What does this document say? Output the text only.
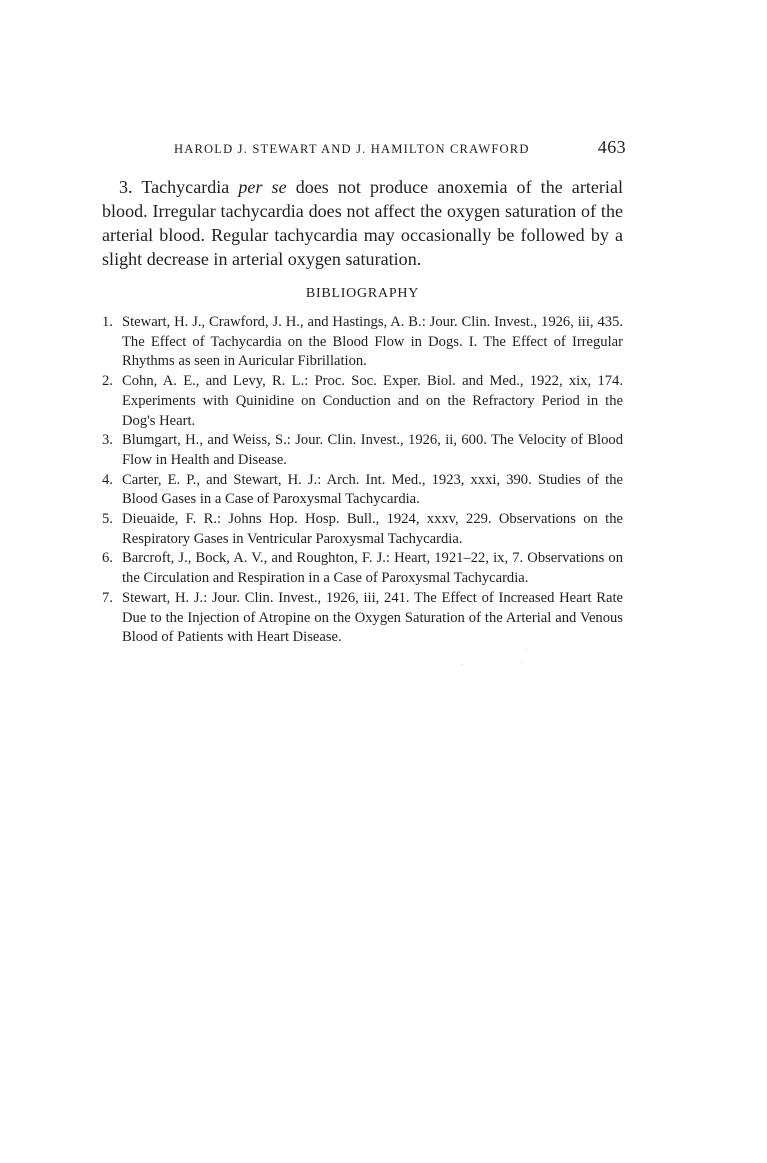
HAROLD J. STEWART AND J. HAMILTON CRAWFORD	463

3. Tachycardia per se does not produce anoxemia of the arterial blood. Irregular tachycardia does not affect the oxygen saturation of the arterial blood. Regular tachycardia may occasionally be followed by a slight decrease in arterial oxygen saturation.

BIBLIOGRAPHY
1. Stewart, H. J., Crawford, J. H., and Hastings, A. B.: Jour. Clin. Invest., 1926, iii, 435. The Effect of Tachycardia on the Blood Flow in Dogs. I. The Effect of Irregular Rhythms as seen in Auricular Fibrillation.
2. Cohn, A. E., and Levy, R. L.: Proc. Soc. Exper. Biol. and Med., 1922, xix, 174. Experiments with Quinidine on Conduction and on the Refractory Period in the Dog's Heart.
3. Blumgart, H., and Weiss, S.: Jour. Clin. Invest., 1926, ii, 600. The Velocity of Blood Flow in Health and Disease.
4. Carter, E. P., and Stewart, H. J.: Arch. Int. Med., 1923, xxxi, 390. Studies of the Blood Gases in a Case of Paroxysmal Tachycardia.
5. Dieuaide, F. R.: Johns Hop. Hosp. Bull., 1924, xxxv, 229. Observations on the Respiratory Gases in Ventricular Paroxysmal Tachycardia.
6. Barcroft, J., Bock, A. V., and Roughton, F. J.: Heart, 1921–22, ix, 7. Observations on the Circulation and Respiration in a Case of Paroxysmal Tachycardia.
7. Stewart, H. J.: Jour. Clin. Invest., 1926, iii, 241. The Effect of Increased Heart Rate Due to the Injection of Atropine on the Oxygen Saturation of the Arterial and Venous Blood of Patients with Heart Disease.
